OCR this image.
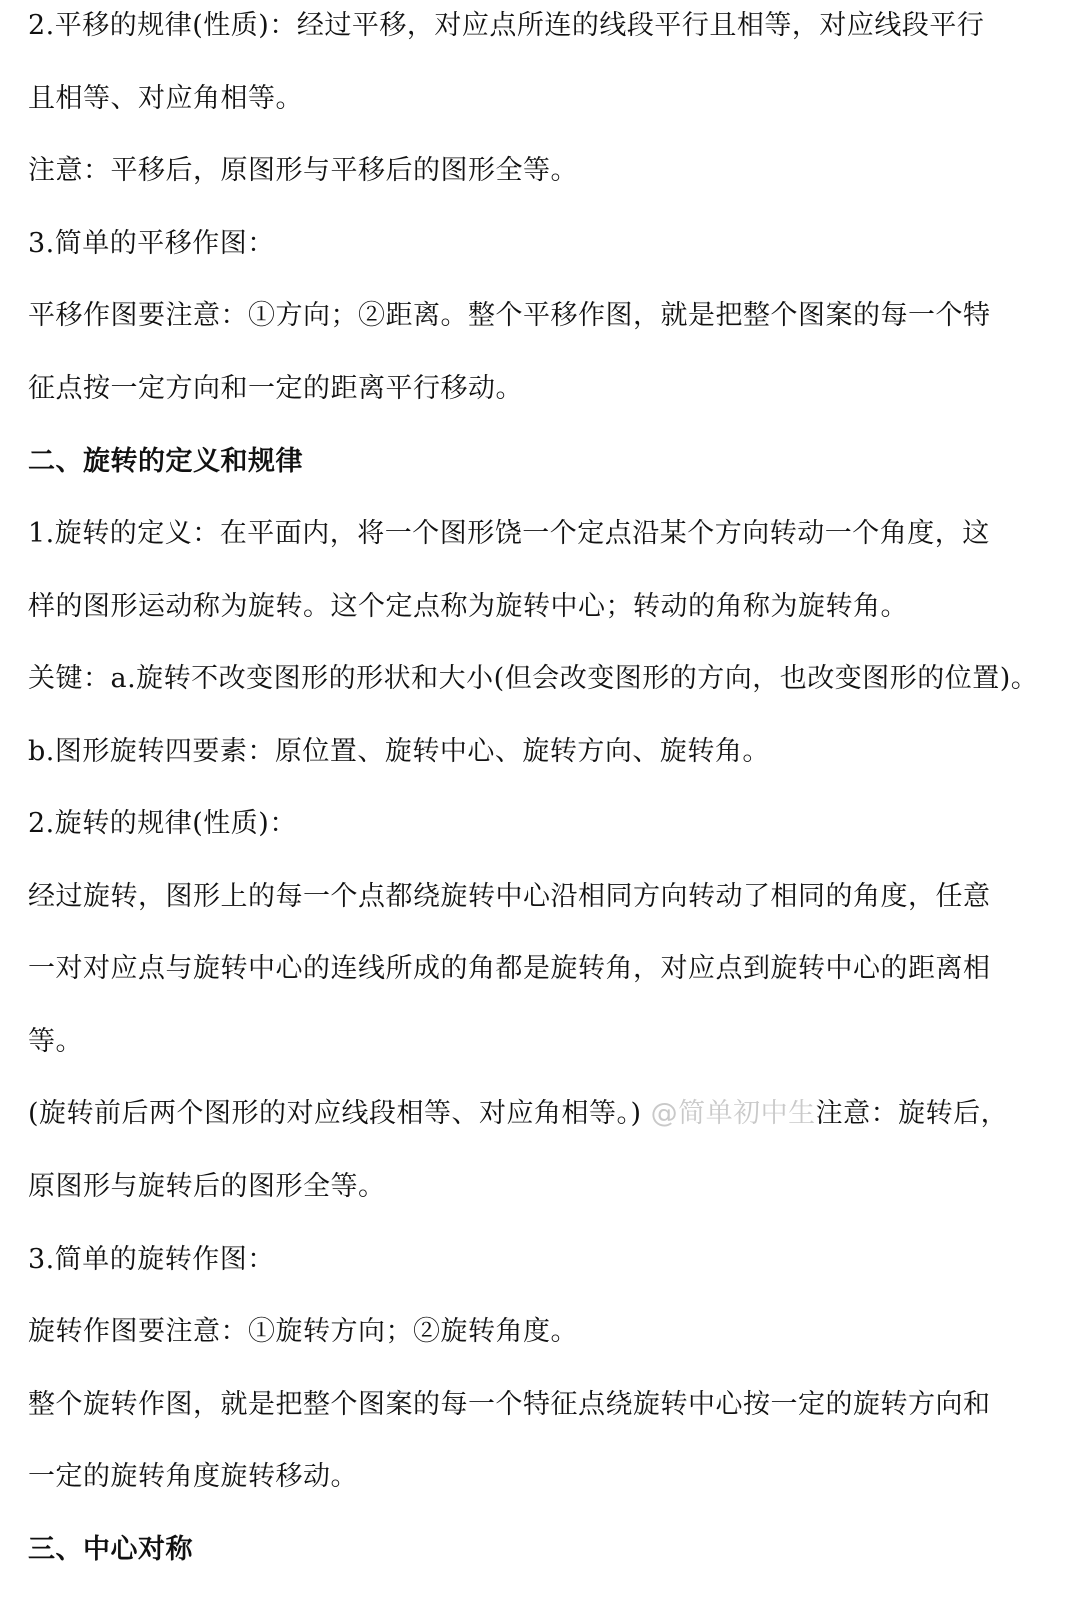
2.平移的规律(性质)：经过平移，对应点所连的线段平行且相等，对应线段平行
且相等、对应角相等。
注意：平移后，原图形与平移后的图形全等。
3.简单的平移作图：
平移作图要注意：①方向；②距离。整个平移作图，就是把整个图案的每一个特
征点按一定方向和一定的距离平行移动。
二、旋转的定义和规律
1.旋转的定义：在平面内，将一个图形饶一个定点沿某个方向转动一个角度，这
样的图形运动称为旋转。这个定点称为旋转中心；转动的角称为旋转角。
关键：a.旋转不改变图形的形状和大小(但会改变图形的方向，也改变图形的位置)。
b.图形旋转四要素：原位置、旋转中心、旋转方向、旋转角。
2.旋转的规律(性质)：
经过旋转，图形上的每一个点都绕旋转中心沿相同方向转动了相同的角度，任意
一对对应点与旋转中心的连线所成的角都是旋转角，对应点到旋转中心的距离相
等。
(旋转前后两个图形的对应线段相等、对应角相等。) @简单初中生注意：旋转后，
原图形与旋转后的图形全等。
3.简单的旋转作图：
旋转作图要注意：①旋转方向；②旋转角度。
整个旋转作图，就是把整个图案的每一个特征点绕旋转中心按一定的旋转方向和
一定的旋转角度旋转移动。
三、中心对称
